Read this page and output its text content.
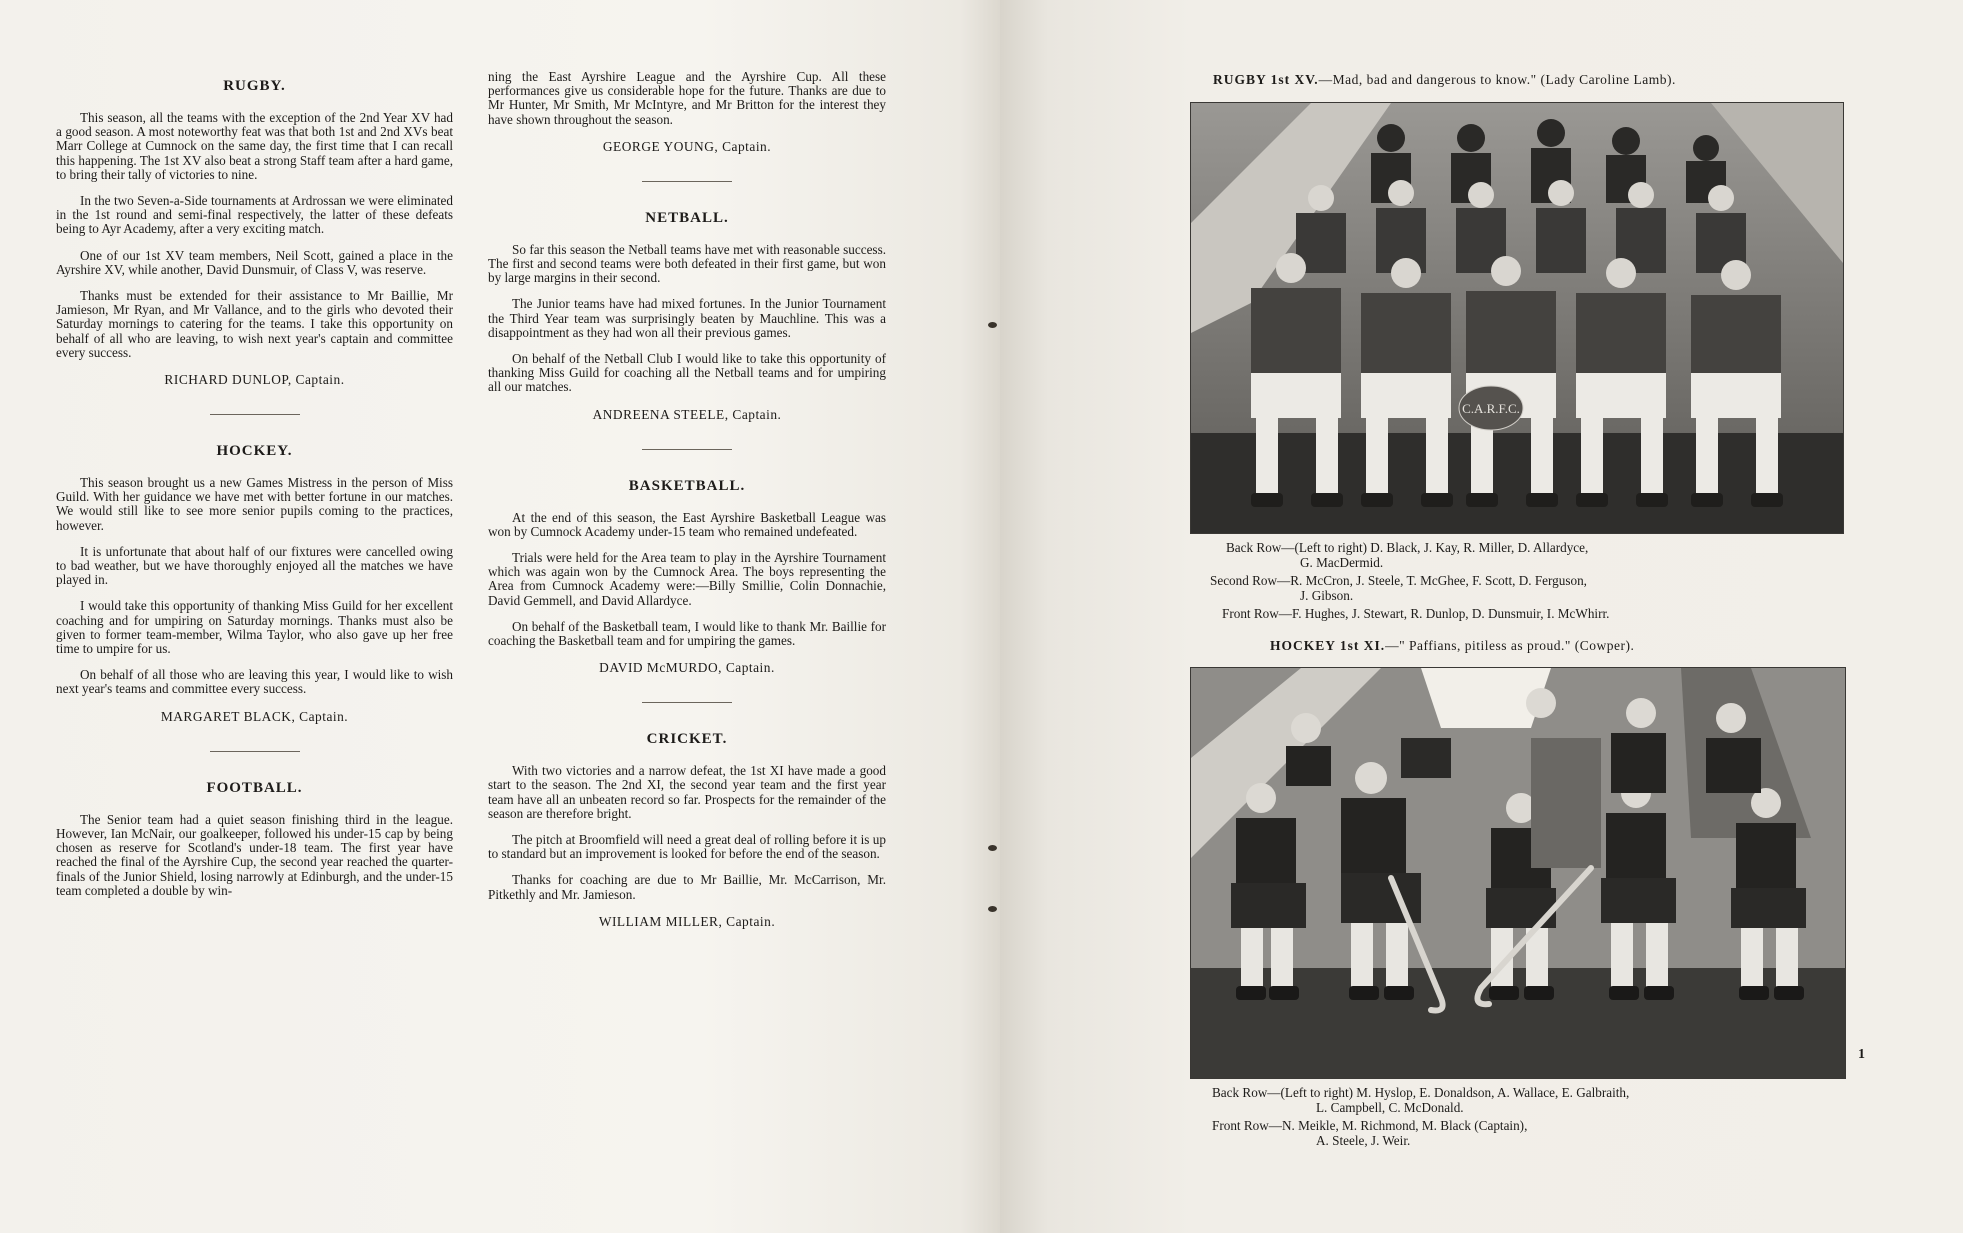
RUGBY.

This season, all the teams with the exception of the 2nd Year XV had a good season. A most noteworthy feat was that both 1st and 2nd XVs beat Marr College at Cumnock on the same day, the first time that I can recall this happening. The 1st XV also beat a strong Staff team after a hard game, to bring their tally of victories to nine.

In the two Seven-a-Side tournaments at Ardrossan we were eliminated in the 1st round and semi-final respectively, the latter of these defeats being to Ayr Academy, after a very exciting match.

One of our 1st XV team members, Neil Scott, gained a place in the Ayrshire XV, while another, David Dunsmuir, of Class V, was reserve.

Thanks must be extended for their assistance to Mr Baillie, Mr Jamieson, Mr Ryan, and Mr Vallance, and to the girls who devoted their Saturday mornings to catering for the teams. I take this opportunity on behalf of all who are leaving, to wish next year's captain and committee every success.

RICHARD DUNLOP, Captain.

HOCKEY.

This season brought us a new Games Mistress in the person of Miss Guild. With her guidance we have met with better fortune in our matches. We would still like to see more senior pupils coming to the practices, however.

It is unfortunate that about half of our fixtures were cancelled owing to bad weather, but we have thoroughly enjoyed all the matches we have played in.

I would take this opportunity of thanking Miss Guild for her excellent coaching and for umpiring on Saturday mornings. Thanks must also be given to former team-member, Wilma Taylor, who also gave up her free time to umpire for us.

On behalf of all those who are leaving this year, I would like to wish next year's teams and committee every success.

MARGARET BLACK, Captain.

FOOTBALL.

The Senior team had a quiet season finishing third in the league. However, Ian McNair, our goalkeeper, followed his under-15 cap by being chosen as reserve for Scotland's under-18 team. The first year have reached the final of the Ayrshire Cup, the second year reached the quarter-finals of the Junior Shield, losing narrowly at Edinburgh, and the under-15 team completed a double by win-

ning the East Ayrshire League and the Ayrshire Cup. All these performances give us considerable hope for the future. Thanks are due to Mr Hunter, Mr Smith, Mr McIntyre, and Mr Britton for the interest they have shown throughout the season.

GEORGE YOUNG, Captain.

NETBALL.

So far this season the Netball teams have met with reasonable success. The first and second teams were both defeated in their first game, but won by large margins in their second.

The Junior teams have had mixed fortunes. In the Junior Tournament the Third Year team was surprisingly beaten by Mauchline. This was a disappointment as they had won all their previous games.

On behalf of the Netball Club I would like to take this opportunity of thanking Miss Guild for coaching all the Netball teams and for umpiring all our matches.

ANDREENA STEELE, Captain.

BASKETBALL.

At the end of this season, the East Ayrshire Basketball League was won by Cumnock Academy under-15 team who remained undefeated.

Trials were held for the Area team to play in the Ayrshire Tournament which was again won by the Cumnock Area. The boys representing the Area from Cumnock Academy were:—Billy Smillie, Colin Donnachie, David Gemmell, and David Allardyce.

On behalf of the Basketball team, I would like to thank Mr. Baillie for coaching the Basketball team and for umpiring the games.

DAVID McMURDO, Captain.

CRICKET.

With two victories and a narrow defeat, the 1st XI have made a good start to the season. The 2nd XI, the second year team and the first year team have all an unbeaten record so far. Prospects for the remainder of the season are therefore bright.

The pitch at Broomfield will need a great deal of rolling before it is up to standard but an improvement is looked for before the end of the season.

Thanks for coaching are due to Mr Baillie, Mr. McCarrison, Mr. Pitkethly and Mr. Jamieson.

WILLIAM MILLER, Captain.

RUGBY 1st XV.—Mad, bad and dangerous to know." (Lady Caroline Lamb).
C.A.R.F.C.
Back Row—(Left to right) D. Black, J. Kay, R. Miller, D. Allardyce,
G. MacDermid.
Second Row—R. McCron, J. Steele, T. McGhee, F. Scott, D. Ferguson,
J. Gibson.
Front Row—F. Hughes, J. Stewart, R. Dunlop, D. Dunsmuir, I. McWhirr.
HOCKEY 1st XI.—" Paffians, pitiless as proud." (Cowper).
Back Row—(Left to right) M. Hyslop, E. Donaldson, A. Wallace, E. Galbraith,
L. Campbell, C. McDonald.
Front Row—N. Meikle, M. Richmond, M. Black (Captain),
A. Steele, J. Weir.
1
